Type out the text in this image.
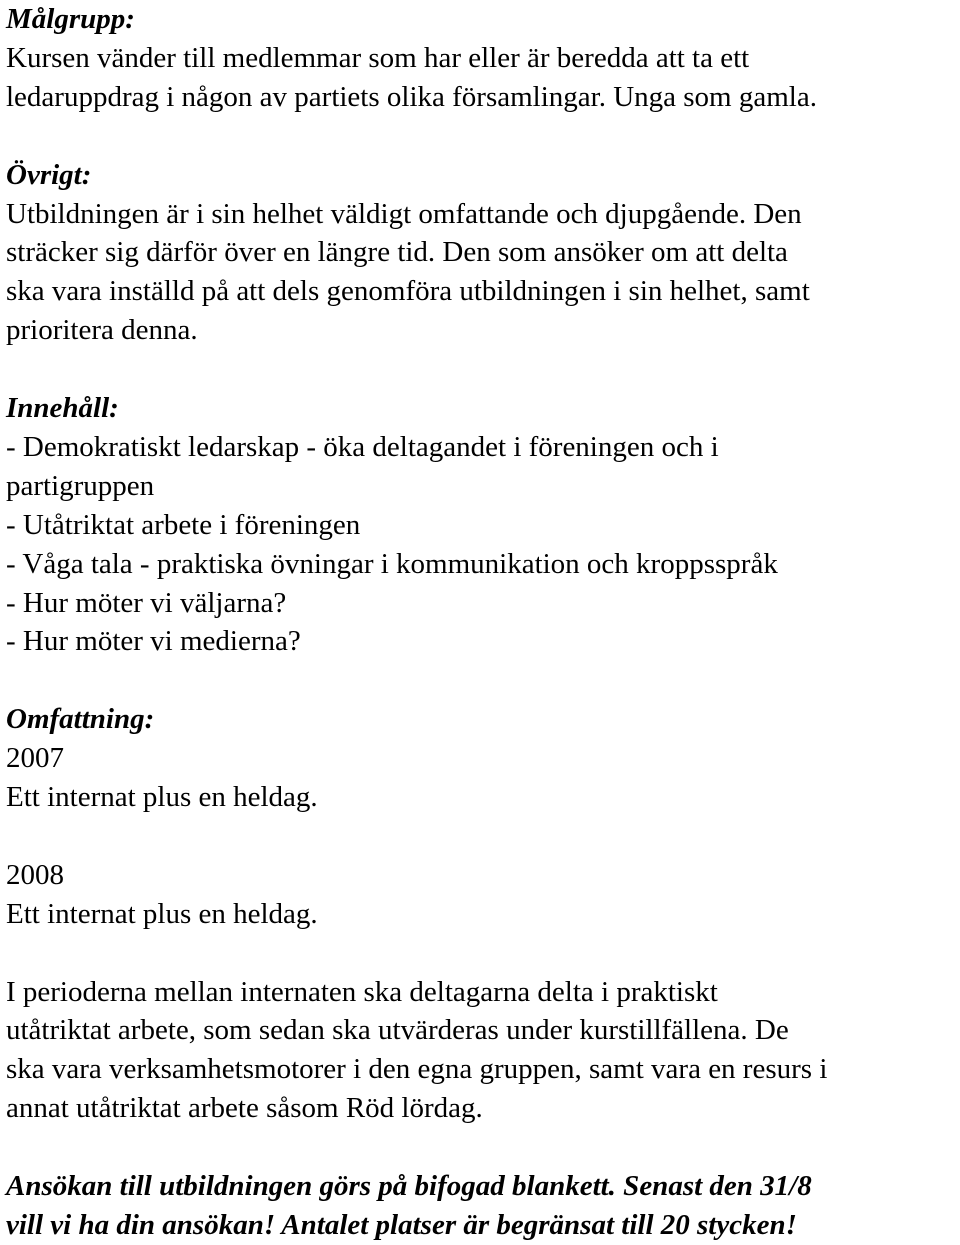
Målgrupp:
Kursen vänder till medlemmar som har eller är beredda att ta ett
ledaruppdrag i någon av partiets olika församlingar. Unga som gamla.
Övrigt:
Utbildningen är i sin helhet väldigt omfattande och djupgående. Den
sträcker sig därför över en längre tid. Den som ansöker om att delta
ska vara inställd på att dels genomföra utbildningen i sin helhet, samt
prioritera denna.
Innehåll:
- Demokratiskt ledarskap - öka deltagandet i föreningen och i
partigruppen
- Utåtriktat arbete i föreningen
- Våga tala - praktiska övningar i kommunikation och kroppsspråk
- Hur möter vi väljarna?
- Hur möter vi medierna?
Omfattning:
2007
Ett internat plus en heldag.
2008
Ett internat plus en heldag.
I perioderna mellan internaten ska deltagarna delta i praktiskt
utåtriktat arbete, som sedan ska utvärderas under kurstillfällena. De
ska vara verksamhetsmotorer i den egna gruppen, samt vara en resurs i
annat utåtriktat arbete såsom Röd lördag.
Ansökan till utbildningen görs på bifogad blankett. Senast den 31/8
vill vi ha din ansökan! Antalet platser är begränsat till 20 stycken!
